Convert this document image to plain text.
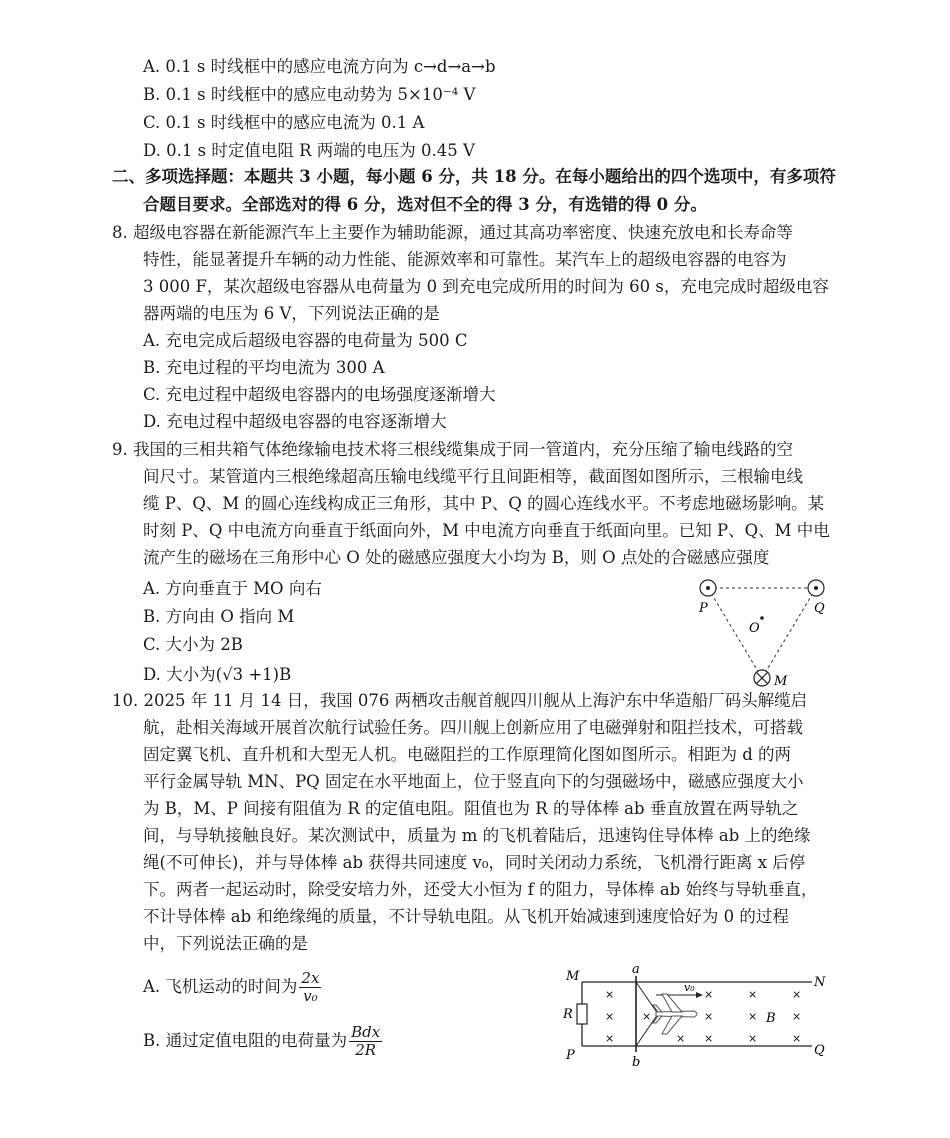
A. 0.1 s 时线框中的感应电流方向为 c→d→a→b
B. 0.1 s 时线框中的感应电动势为 5×10⁻⁴ V
C. 0.1 s 时线框中的感应电流为 0.1 A
D. 0.1 s 时定值电阻 R 两端的电压为 0.45 V
二、多项选择题：本题共 3 小题，每小题 6 分，共 18 分。在每小题给出的四个选项中，有多项符
合题目要求。全部选对的得 6 分，选对但不全的得 3 分，有选错的得 0 分。
8. 超级电容器在新能源汽车上主要作为辅助能源，通过其高功率密度、快速充放电和长寿命等
特性，能显著提升车辆的动力性能、能源效率和可靠性。某汽车上的超级电容器的电容为
3 000 F，某次超级电容器从电荷量为 0 到充电完成所用的时间为 60 s，充电完成时超级电容
器两端的电压为 6 V，下列说法正确的是
A. 充电完成后超级电容器的电荷量为 500 C
B. 充电过程的平均电流为 300 A
C. 充电过程中超级电容器内的电场强度逐渐增大
D. 充电过程中超级电容器的电容逐渐增大
9. 我国的三相共箱气体绝缘输电技术将三根线缆集成于同一管道内，充分压缩了输电线路的空
间尺寸。某管道内三根绝缘超高压输电线缆平行且间距相等，截面图如图所示，三根输电线
缆 P、Q、M 的圆心连线构成正三角形，其中 P、Q 的圆心连线水平。不考虑地磁场影响。某
时刻 P、Q 中电流方向垂直于纸面向外，M 中电流方向垂直于纸面向里。已知 P、Q、M 中电
流产生的磁场在三角形中心 O 处的磁感应强度大小均为 B，则 O 点处的合磁感应强度
A. 方向垂直于 MO 向右
B. 方向由 O 指向 M
C. 大小为 2B
D. 大小为(√3 +1)B
P	Q
O
M
10. 2025 年 11 月 14 日，我国 076 两栖攻击舰首舰四川舰从上海沪东中华造船厂码头解缆启
航，赴相关海域开展首次航行试验任务。四川舰上创新应用了电磁弹射和阻拦技术，可搭载
固定翼飞机、直升机和大型无人机。电磁阻拦的工作原理简化图如图所示。相距为 d 的两
平行金属导轨 MN、PQ 固定在水平地面上，位于竖直向下的匀强磁场中，磁感应强度大小
为 B，M、P 间接有阻值为 R 的定值电阻。阻值也为 R 的导体棒 ab 垂直放置在两导轨之
间，与导轨接触良好。某次测试中，质量为 m 的飞机着陆后，迅速钩住导体棒 ab 上的绝缘
绳(不可伸长)，并与导体棒 ab 获得共同速度 v₀，同时关闭动力系统，飞机滑行距离 x 后停
下。两者一起运动时，除受安培力外，还受大小恒为 f 的阻力，导体棒 ab 始终与导轨垂直，
不计导体棒 ab 和绝缘绳的质量，不计导轨电阻。从飞机开始减速到速度恰好为 0 的过程
中，下列说法正确的是
A. 飞机运动的时间为 $\frac{2x}{\text{v₀}}$
B. 通过定值电阻的电荷量为 $\frac{\text{Bdx}}{2R}$
×
×
×
×
×
×
×
×
×
×
×
×
×
×
M	N
P	Q
a
b
R	B
v₀
